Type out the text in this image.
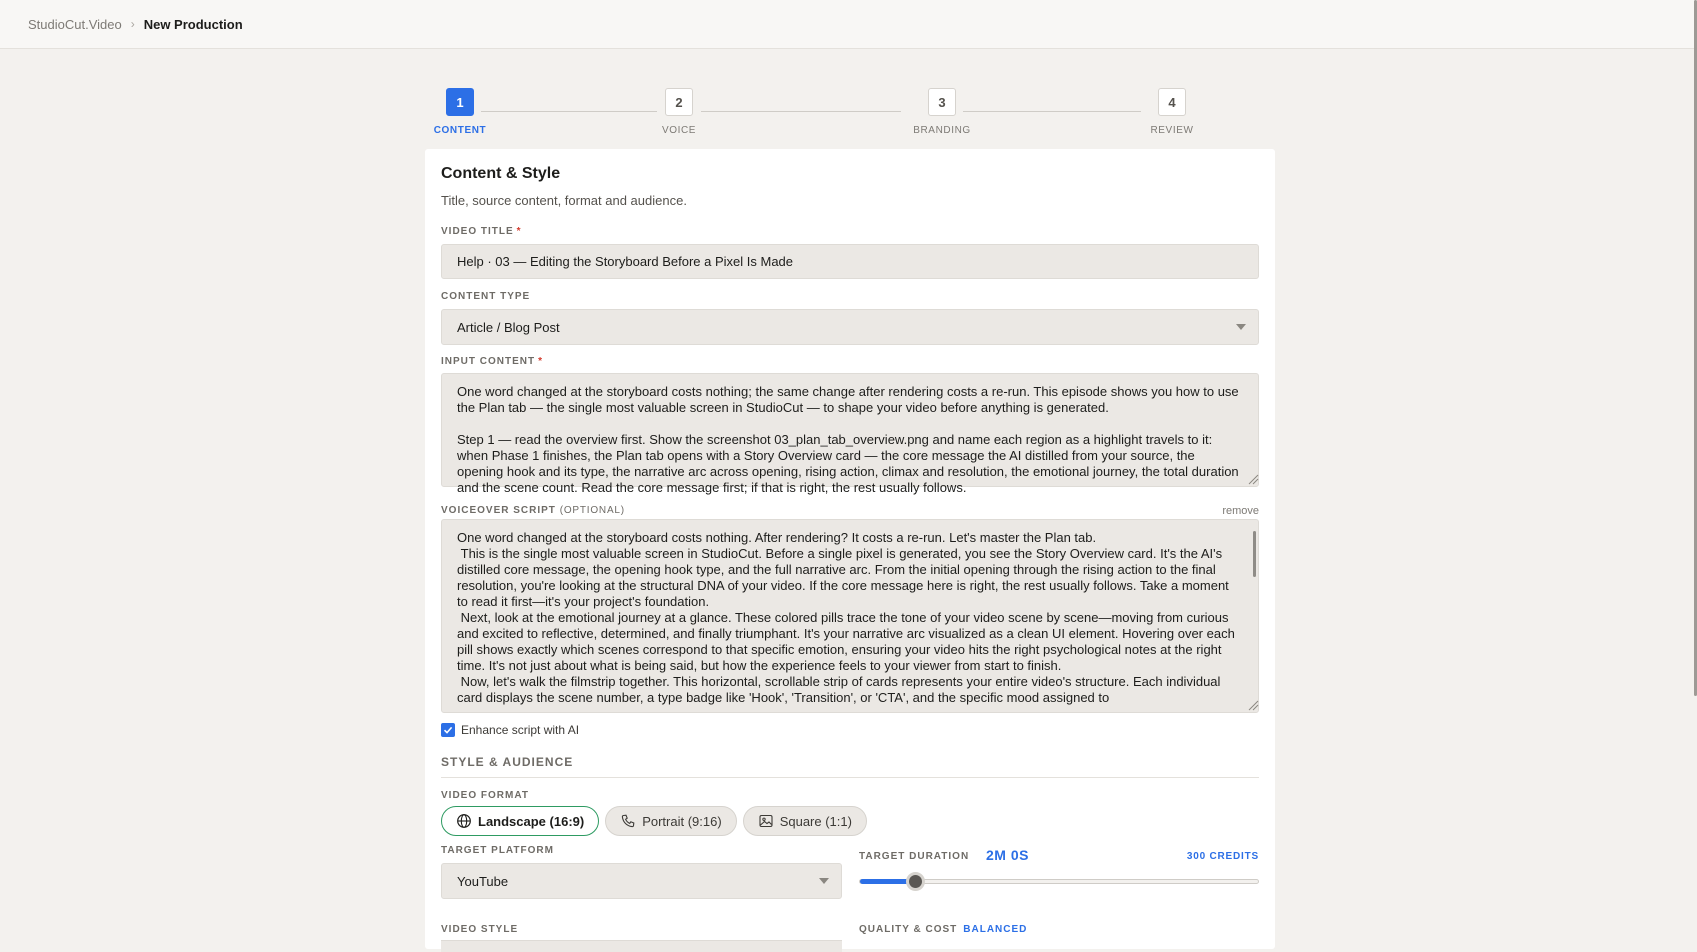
StudioCut.Video › New Production
1
CONTENT
2
VOICE
3
BRANDING
4
REVIEW
Content & Style
Title, source content, format and audience.
VIDEO TITLE *
Help · 03 — Editing the Storyboard Before a Pixel Is Made
CONTENT TYPE
Article / Blog Post
INPUT CONTENT *
One word changed at the storyboard costs nothing; the same change after rendering costs a re-run. This episode shows you how to use the Plan tab — the single most valuable screen in StudioCut — to shape your video before anything is generated.

Step 1 — read the overview first. Show the screenshot 03_plan_tab_overview.png and name each region as a highlight travels to it: when Phase 1 finishes, the Plan tab opens with a Story Overview card — the core message the AI distilled from your source, the opening hook and its type, the narrative arc across opening, rising action, climax and resolution, the emotional journey, the total duration and the scene count. Read the core message first; if that is right, the rest usually follows.
VOICEOVER SCRIPT (OPTIONAL)	remove
One word changed at the storyboard costs nothing. After rendering? It costs a re-run. Let's master the Plan tab.
This is the single most valuable screen in StudioCut. Before a single pixel is generated, you see the Story Overview card. It's the AI's distilled core message, the opening hook type, and the full narrative arc. From the initial opening through the rising action to the final resolution, you're looking at the structural DNA of your video. If the core message here is right, the rest usually follows. Take a moment to read it first—it's your project's foundation.
Next, look at the emotional journey at a glance. These colored pills trace the tone of your video scene by scene—moving from curious and excited to reflective, determined, and finally triumphant. It's your narrative arc visualized as a clean UI element. Hovering over each pill shows exactly which scenes correspond to that specific emotion, ensuring your video hits the right psychological notes at the right time. It's not just about what is being said, but how the experience feels to your viewer from start to finish.
Now, let's walk the filmstrip together. This horizontal, scrollable strip of cards represents your entire video's structure. Each individual card displays the scene number, a type badge like 'Hook', 'Transition', or 'CTA', and the specific mood assigned to
Enhance script with AI
STYLE & AUDIENCE
VIDEO FORMAT
Landscape (16:9)	Portrait (9:16)	Square (1:1)
TARGET PLATFORM
YouTube
TARGET DURATION 2M 0S	300 CREDITS
VIDEO STYLE	QUALITY & COST BALANCED
